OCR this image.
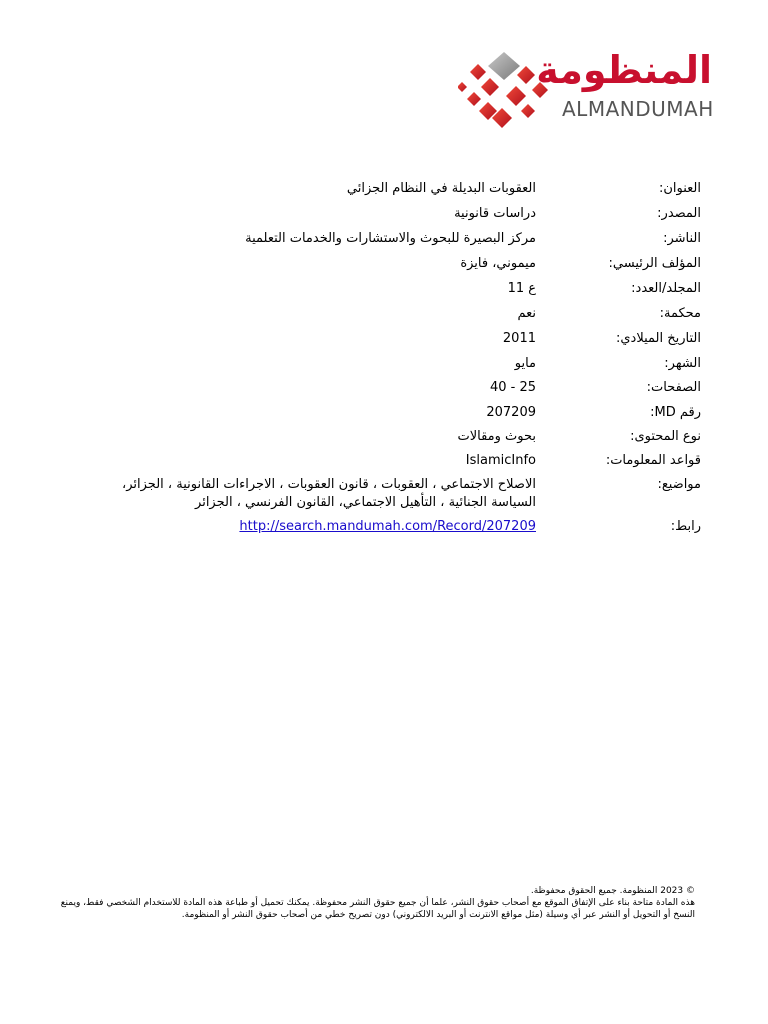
المنظومة
ALMANDUMAH
العنوان:
العقوبات البديلة في النظام الجزائي
المصدر:
دراسات قانونية
الناشر:
مركز البصيرة للبحوث والاستشارات والخدمات التعلمية
المؤلف الرئيسي:
ميموني، فايزة
المجلد/العدد:
ع 11
محكمة:
نعم
التاريخ الميلادي:
2011
الشهر:
مايو
الصفحات:
25 - 40
رقم MD:
207209
نوع المحتوى:
بحوث ومقالات
قواعد المعلومات:
IslamicInfo
مواضيع:
الاصلاح الاجتماعي ، العقوبات ، قانون العقوبات ، الاجراءات القانونية ، الجزائر، السياسة الجنائية ، التأهيل الاجتماعي، القانون الفرنسي ، الجزائر
رابط:
http://search.mandumah.com/Record/207209

© 2023 المنظومة. جميع الحقوق محفوظة.

هذه المادة متاحة بناء على الإتفاق الموقع مع أصحاب حقوق النشر، علما أن جميع حقوق النشر محفوظة. يمكنك تحميل أو طباعة هذه المادة للاستخدام الشخصي فقط، ويمنع النسخ أو التحويل أو النشر عبر أي وسيلة (مثل مواقع الانترنت أو البريد الالكتروني) دون تصريح خطي من أصحاب حقوق النشر أو المنظومة.
